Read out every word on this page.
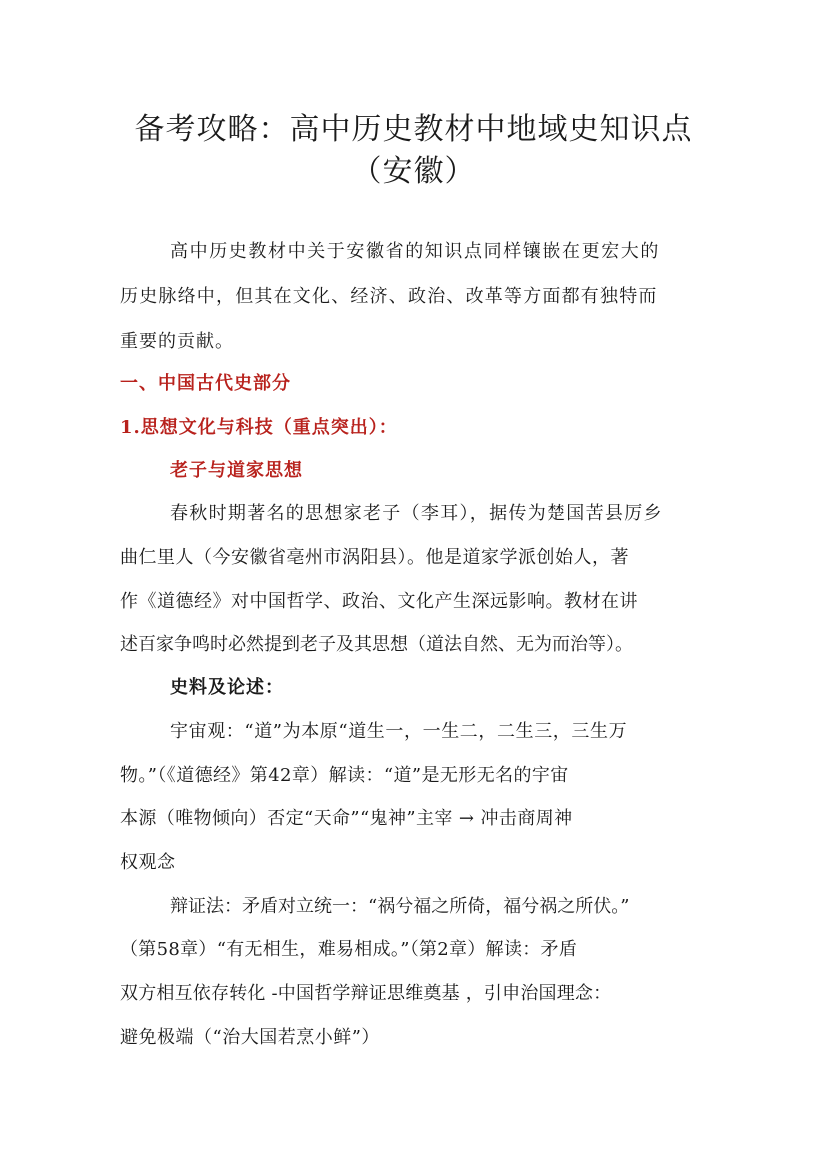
备考攻略：高中历史教材中地域史知识点
（安徽）
高中历史教材中关于安徽省的知识点同样镶嵌在更宏大的
历史脉络中，但其在文化、经济、政治、改革等方面都有独特而
重要的贡献。
一、中国古代史部分
1.思想文化与科技（重点突出）：
老子与道家思想
春秋时期著名的思想家老子（李耳），据传为楚国苦县厉乡
曲仁里人（今安徽省亳州市涡阳县）。他是道家学派创始人，著
作《道德经》对中国哲学、政治、文化产生深远影响。教材在讲
述百家争鸣时必然提到老子及其思想（道法自然、无为而治等）。
史料及论述：
宇宙观：“道”为本原“道生一，一生二，二生三，三生万
物。”（《道德经》第42章）解读：“道”是无形无名的宇宙
本源（唯物倾向）否定“天命”“鬼神”主宰 → 冲击商周神
权观念
辩证法：矛盾对立统一：“祸兮福之所倚，福兮祸之所伏。”
（第58章）“有无相生，难易相成。”（第2章）解读：矛盾
双方相互依存转化 -中国哲学辩证思维奠基 ，引申治国理念：
避免极端（“治大国若烹小鲜”）
